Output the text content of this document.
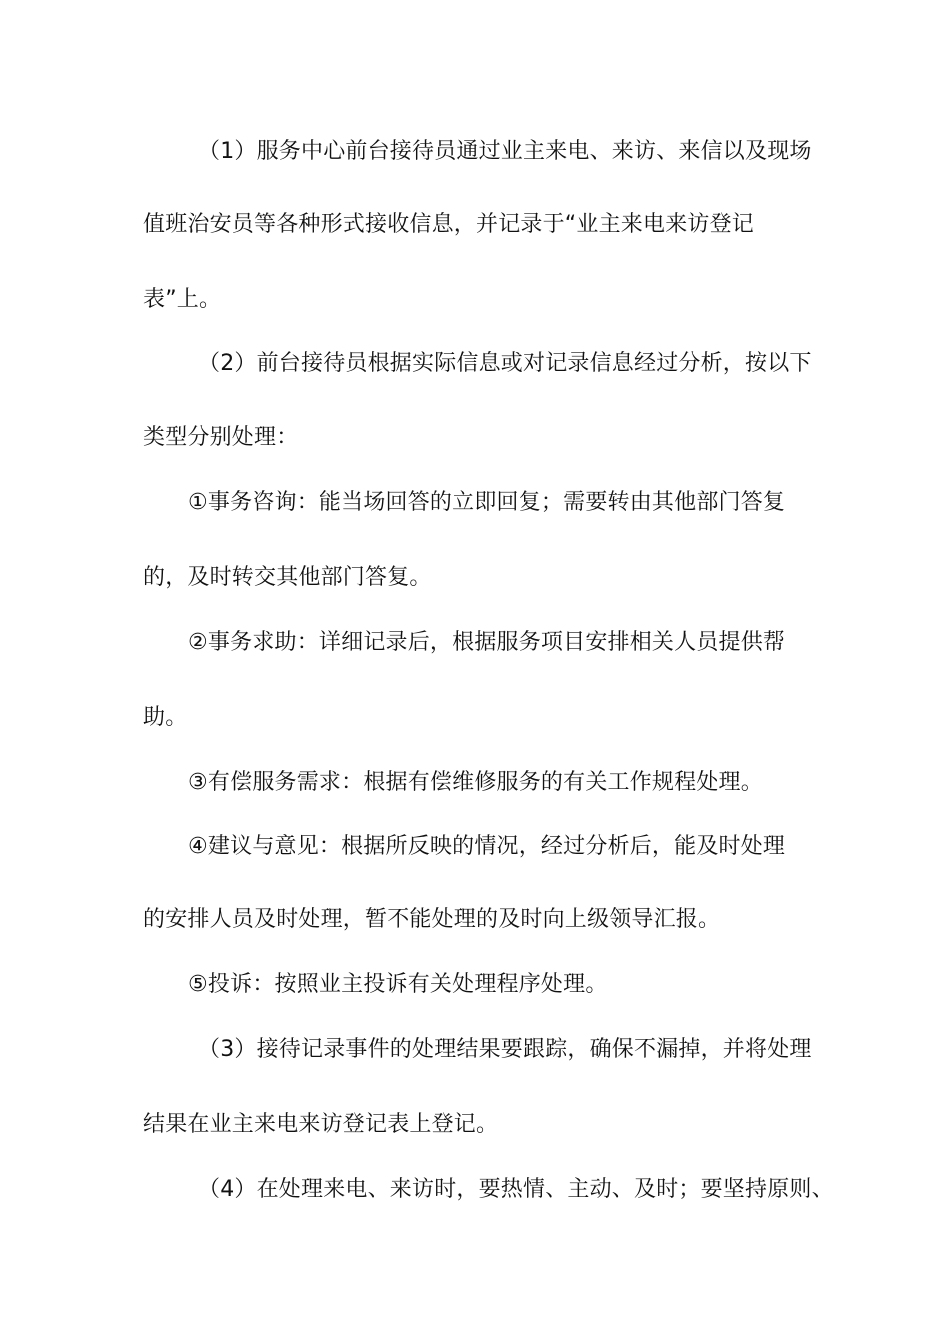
（1）服务中心前台接待员通过业主来电、来访、来信以及现场
值班治安员等各种形式接收信息，并记录于“业主来电来访登记
表”上。
（2）前台接待员根据实际信息或对记录信息经过分析，按以下
类型分别处理：
①事务咨询：能当场回答的立即回复；需要转由其他部门答复
的，及时转交其他部门答复。
②事务求助：详细记录后，根据服务项目安排相关人员提供帮
助。
③有偿服务需求：根据有偿维修服务的有关工作规程处理。
④建议与意见：根据所反映的情况，经过分析后，能及时处理
的安排人员及时处理，暂不能处理的及时向上级领导汇报。
⑤投诉：按照业主投诉有关处理程序处理。
（3）接待记录事件的处理结果要跟踪，确保不漏掉，并将处理
结果在业主来电来访登记表上登记。
（4）在处理来电、来访时，要热情、主动、及时；要坚持原则、
